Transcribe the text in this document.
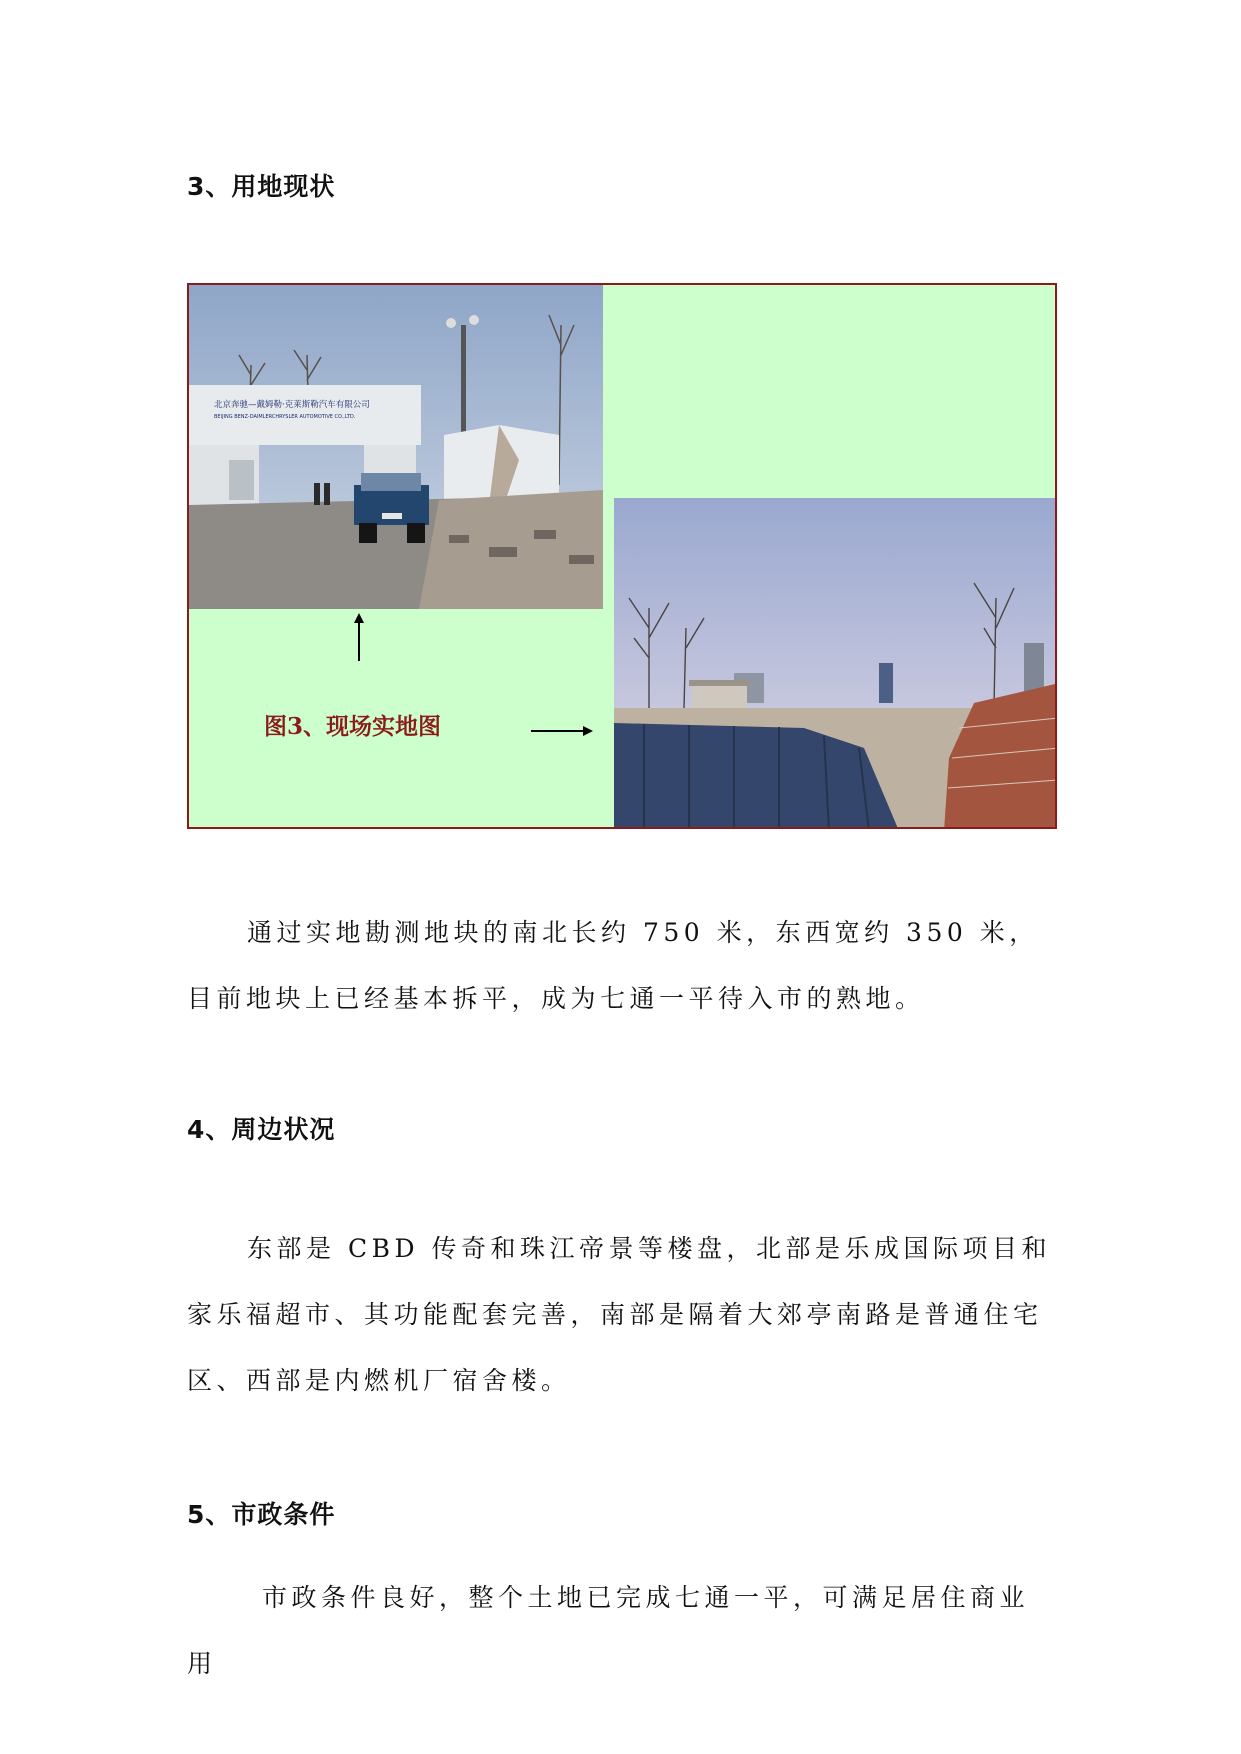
3、用地现状
北京奔驰—戴姆勒·克莱斯勒汽车有限公司
BEIJING BENZ-DAIMLERCHRYSLER AUTOMOTIVE CO.,LTD.
图3、现场实地图

通过实地勘测地块的南北长约 750 米，东西宽约 350 米，目前地块上已经基本拆平，成为七通一平待入市的熟地。

4、周边状况

东部是 CBD 传奇和珠江帝景等楼盘，北部是乐成国际项目和家乐福超市、其功能配套完善，南部是隔着大郊亭南路是普通住宅区、西部是内燃机厂宿舍楼。

5、市政条件

市政条件良好，整个土地已完成七通一平，可满足居住商业用
